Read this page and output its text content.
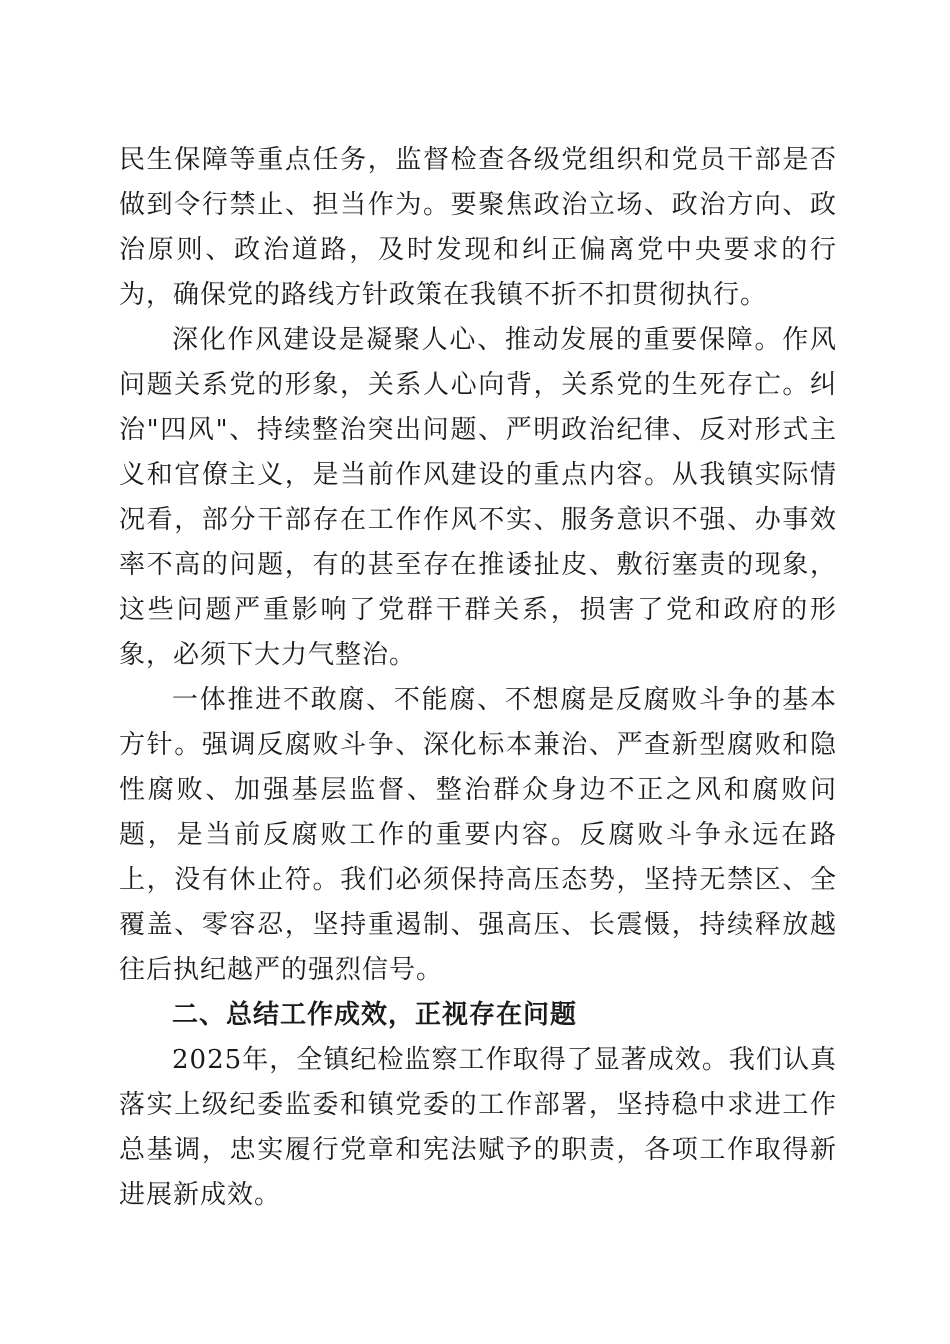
民生保障等重点任务，监督检查各级党组织和党员干部是否做到令行禁止、担当作为。要聚焦政治立场、政治方向、政治原则、政治道路，及时发现和纠正偏离党中央要求的行为，确保党的路线方针政策在我镇不折不扣贯彻执行。

深化作风建设是凝聚人心、推动发展的重要保障。作风问题关系党的形象，关系人心向背，关系党的生死存亡。纠治"四风"、持续整治突出问题、严明政治纪律、反对形式主义和官僚主义，是当前作风建设的重点内容。从我镇实际情况看，部分干部存在工作作风不实、服务意识不强、办事效率不高的问题，有的甚至存在推诿扯皮、敷衍塞责的现象，这些问题严重影响了党群干群关系，损害了党和政府的形象，必须下大力气整治。

一体推进不敢腐、不能腐、不想腐是反腐败斗争的基本方针。强调反腐败斗争、深化标本兼治、严查新型腐败和隐性腐败、加强基层监督、整治群众身边不正之风和腐败问题，是当前反腐败工作的重要内容。反腐败斗争永远在路上，没有休止符。我们必须保持高压态势，坚持无禁区、全覆盖、零容忍，坚持重遏制、强高压、长震慑，持续释放越往后执纪越严的强烈信号。

二、总结工作成效，正视存在问题

2025年，全镇纪检监察工作取得了显著成效。我们认真落实上级纪委监委和镇党委的工作部署，坚持稳中求进工作总基调，忠实履行党章和宪法赋予的职责，各项工作取得新进展新成效。
